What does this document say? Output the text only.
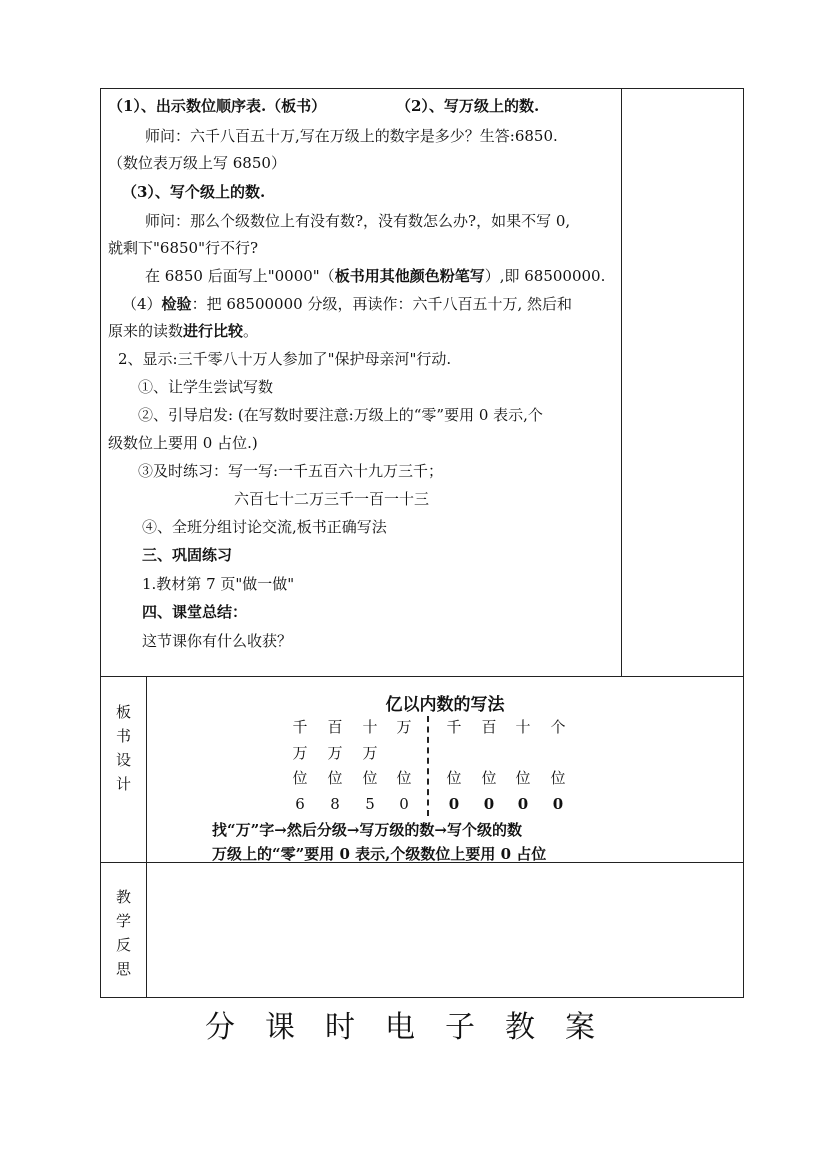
（1）、出示数位顺序表.（板书）	（2）、写万级上的数.
师问：六千八百五十万,写在万级上的数字是多少？生答:6850.
（数位表万级上写 6850）
（3）、写个级上的数.
师问：那么个级数位上有没有数?，没有数怎么办?，如果不写 0,
就剩下"6850"行不行?
在 6850 后面写上"0000"（板书用其他颜色粉笔写）,即 68500000.
（4）检验：把 68500000 分级，再读作：六千八百五十万, 然后和
原来的读数进行比较。
2、显示:三千零八十万人参加了"保护母亲河"行动.
①、让学生尝试写数
②、引导启发: (在写数时要注意:万级上的“零”要用 0 表示,个
级数位上要用 0 占位.)
③及时练习：写一写:一千五百六十九万三千；
六百七十二万三千一百一十三
④、全班分组讨论交流,板书正确写法
三、巩固练习
1.教材第 7 页"做一做"
四、课堂总结：
这节课你有什么收获？
板
书
设
计
亿以内数的写法
千	百	十	万	千	百	十	个
万	万	万
位	位	位	位	位	位	位	位
6	8	5	0	0	0	0	0
找“万”字→然后分级→写万级的数→写个级的数
万级上的“零”要用 0 表示,个级数位上要用 0 占位
教
学
反
思
分课时电子教案
